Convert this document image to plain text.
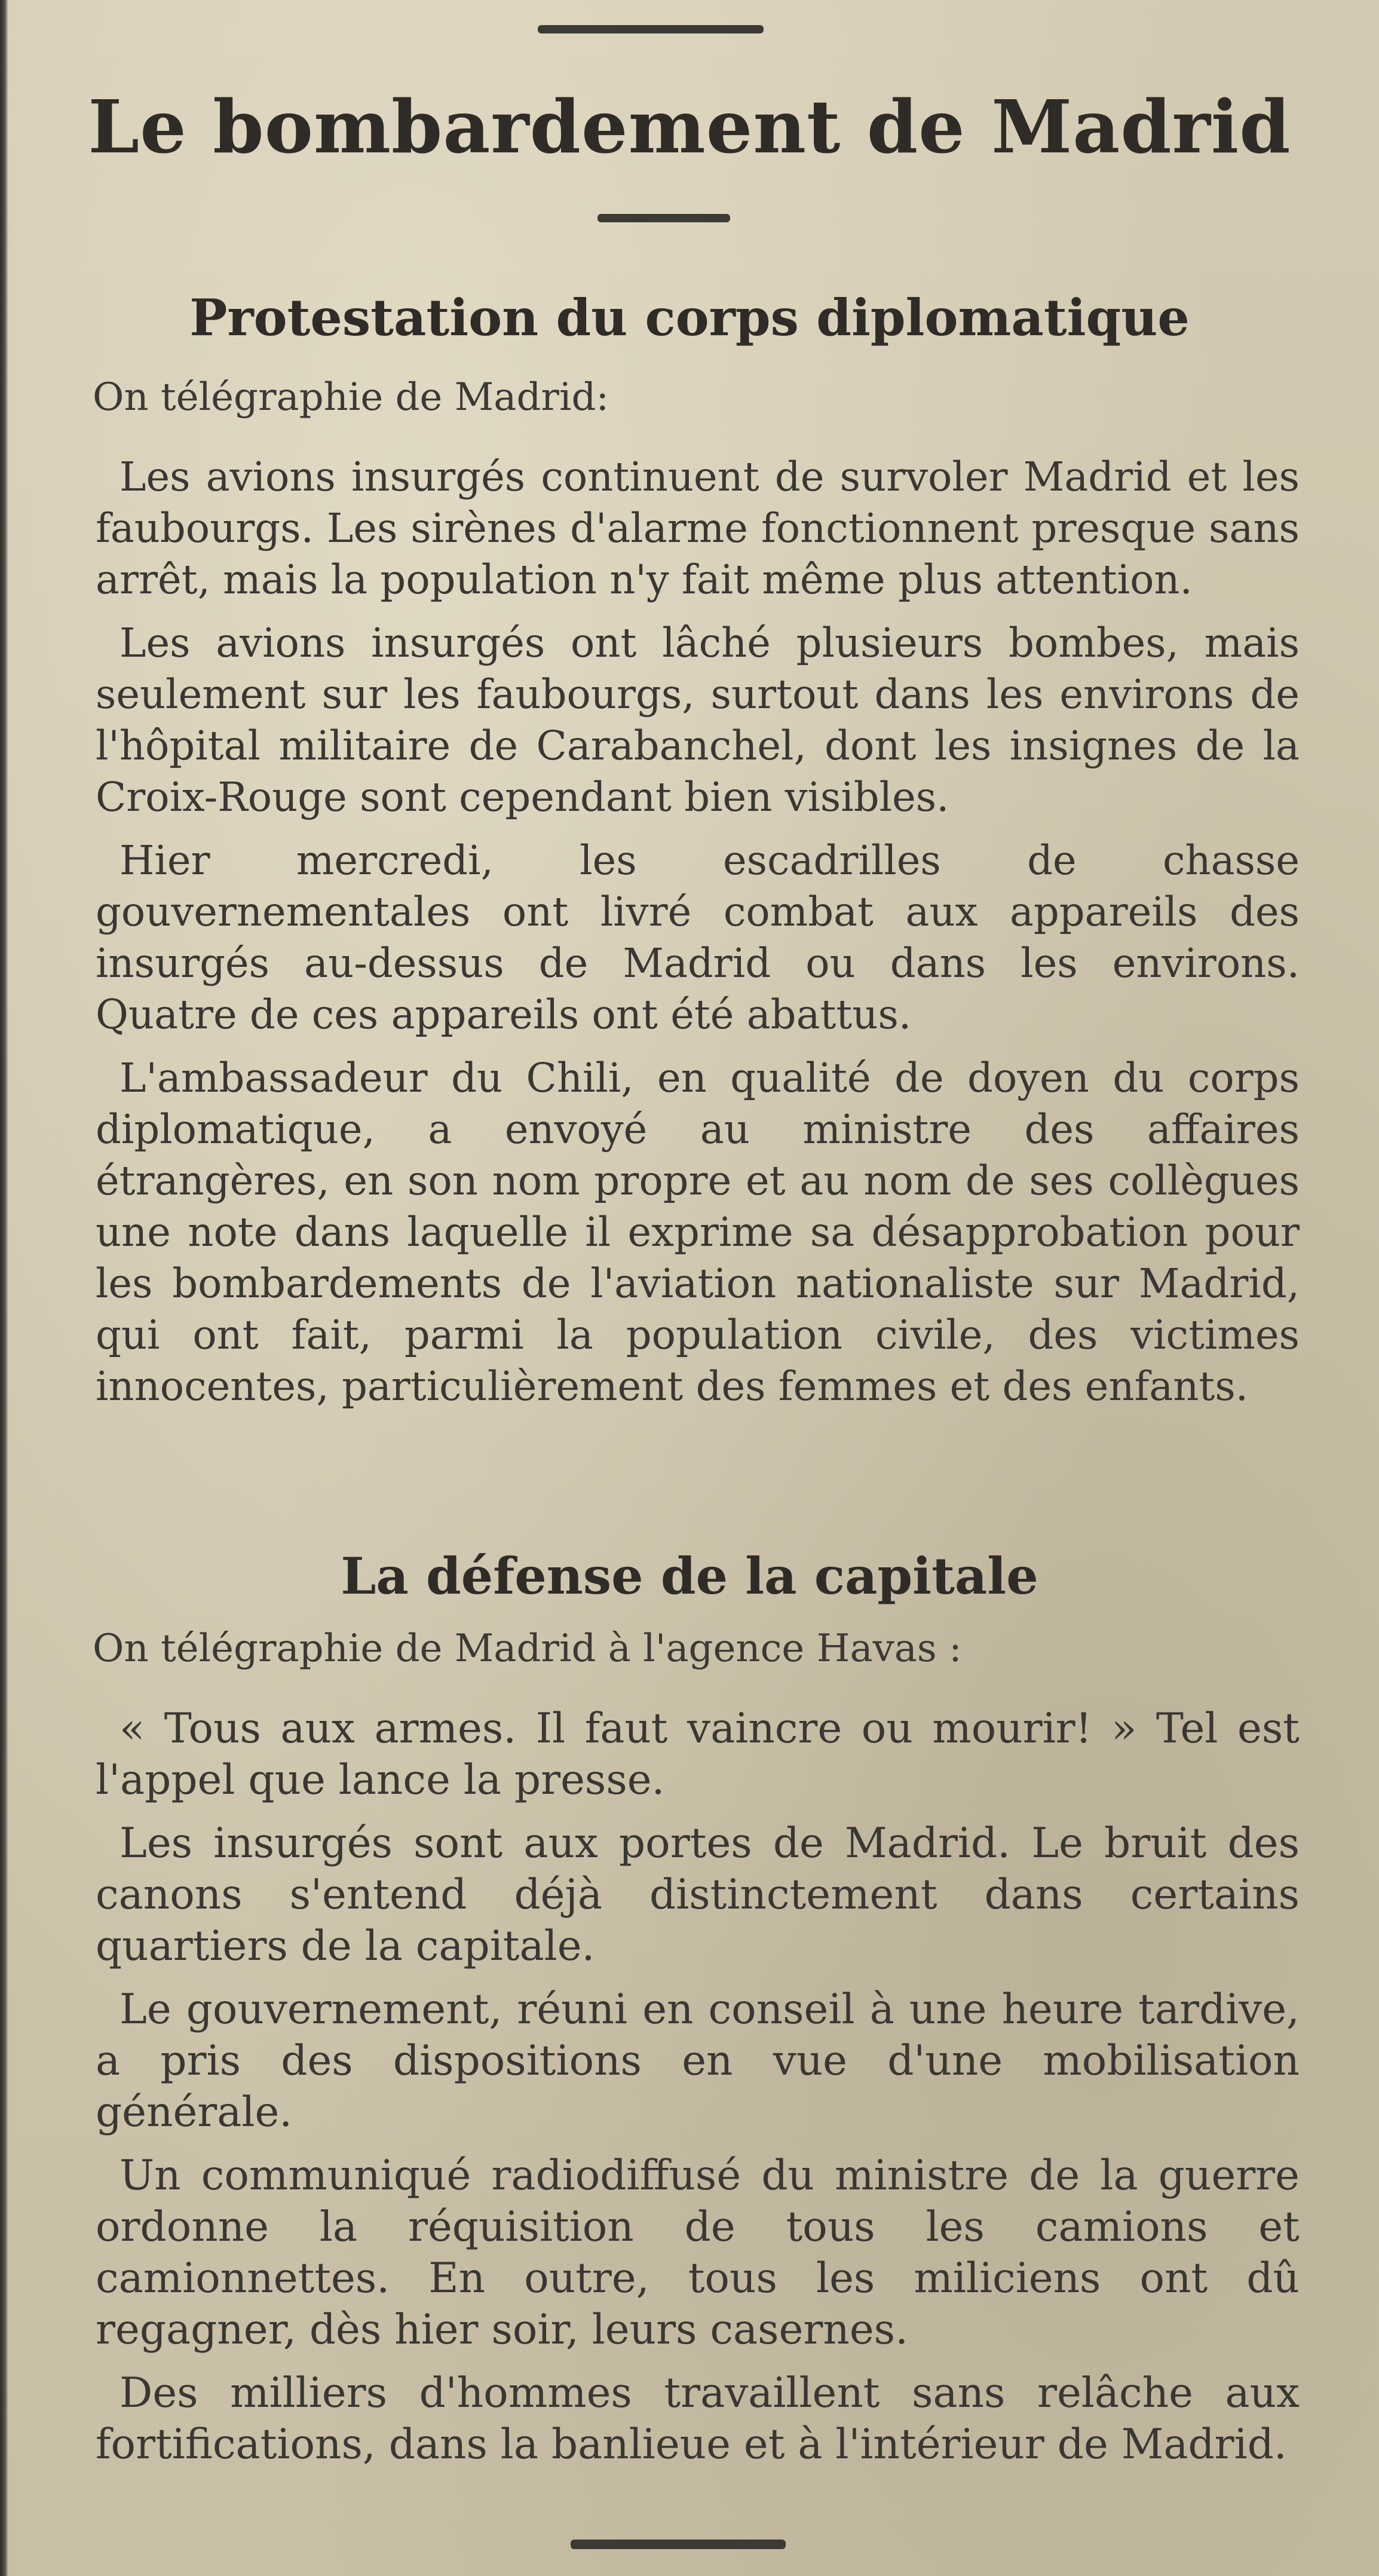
Le bombardement de Madrid
Protestation du corps diplomatique

On télégraphie de Madrid:

Les avions insurgés continuent de survoler Madrid et les faubourgs. Les sirènes d'alarme fonctionnent presque sans arrêt, mais la population n'y fait même plus attention.

Les avions insurgés ont lâché plusieurs bombes, mais seulement sur les faubourgs, surtout dans les environs de l'hôpital militaire de Carabanchel, dont les insignes de la Croix-Rouge sont cependant bien visibles.

Hier mercredi, les escadrilles de chasse gouvernementales ont livré combat aux appareils des insurgés au-dessus de Madrid ou dans les environs. Quatre de ces appareils ont été abattus.

L'ambassadeur du Chili, en qualité de doyen du corps diplomatique, a envoyé au ministre des affaires étrangères, en son nom propre et au nom de ses collègues une note dans laquelle il exprime sa désapprobation pour les bombardements de l'aviation nationaliste sur Madrid, qui ont fait, parmi la population civile, des victimes innocentes, particulièrement des femmes et des enfants.

La défense de la capitale

On télégraphie de Madrid à l'agence Havas :

« Tous aux armes. Il faut vaincre ou mourir! » Tel est l'appel que lance la presse.

Les insurgés sont aux portes de Madrid. Le bruit des canons s'entend déjà distinctement dans certains quartiers de la capitale.

Le gouvernement, réuni en conseil à une heure tardive, a pris des dispositions en vue d'une mobilisation générale.

Un communiqué radiodiffusé du ministre de la guerre ordonne la réquisition de tous les camions et camionnettes. En outre, tous les miliciens ont dû regagner, dès hier soir, leurs casernes.

Des milliers d'hommes travaillent sans relâche aux fortifications, dans la banlieue et à l'intérieur de Madrid.
